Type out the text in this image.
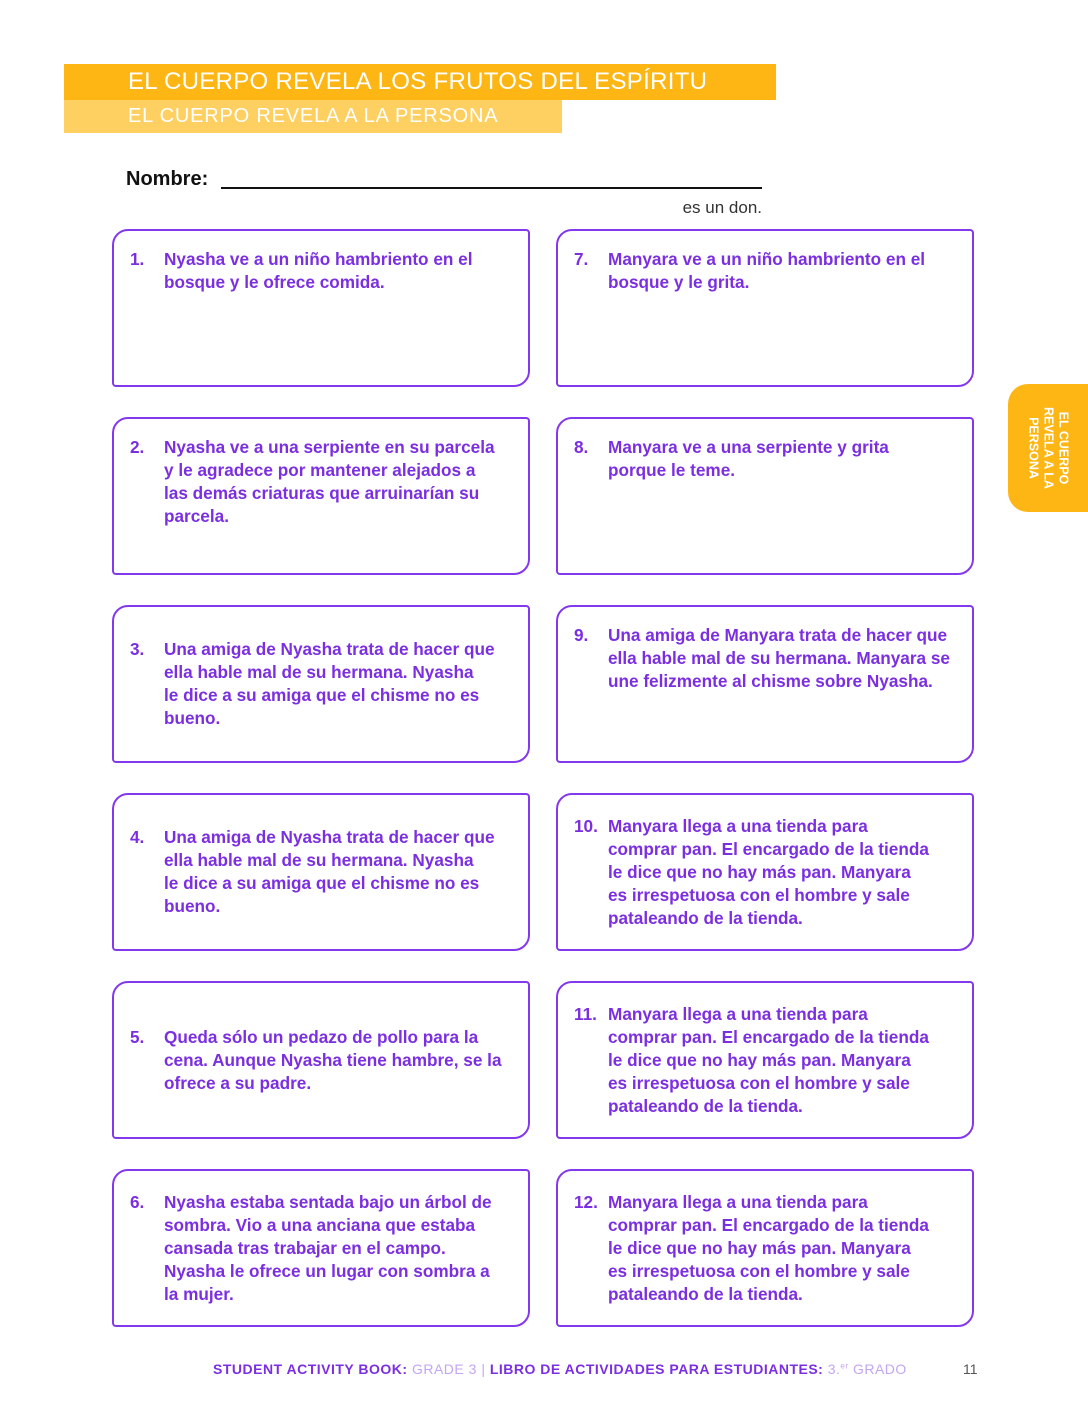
EL CUERPO REVELA LOS FRUTOS DEL ESPÍRITU
EL CUERPO REVELA A LA PERSONA
Nombre:
es un don.
1.	Nyasha ve a un niño hambriento en el
bosque y le ofrece comida.
2.	Nyasha ve a una serpiente en su parcela
y le agradece por mantener alejados a
las demás criaturas que arruinarían su
parcela.
3.	Una amiga de Nyasha trata de hacer que
ella hable mal de su hermana. Nyasha
le dice a su amiga que el chisme no es
bueno.
4.	Una amiga de Nyasha trata de hacer que
ella hable mal de su hermana. Nyasha
le dice a su amiga que el chisme no es
bueno.
5.	Queda sólo un pedazo de pollo para la
cena. Aunque Nyasha tiene hambre, se la
ofrece a su padre.
6.	Nyasha estaba sentada bajo un árbol de
sombra. Vio a una anciana que estaba
cansada tras trabajar en el campo.
Nyasha le ofrece un lugar con sombra a
la mujer.
7.	Manyara ve a un niño hambriento en el
bosque y le grita.
8.	Manyara ve a una serpiente y grita
porque le teme.
9.	Una amiga de Manyara trata de hacer que
ella hable mal de su hermana. Manyara se
une felizmente al chisme sobre Nyasha.
10. Manyara llega a una tienda para
comprar pan. El encargado de la tienda
le dice que no hay más pan. Manyara
es irrespetuosa con el hombre y sale
pataleando de la tienda.
11. Manyara llega a una tienda para
comprar pan. El encargado de la tienda
le dice que no hay más pan. Manyara
es irrespetuosa con el hombre y sale
pataleando de la tienda.
12. Manyara llega a una tienda para
comprar pan. El encargado de la tienda
le dice que no hay más pan. Manyara
es irrespetuosa con el hombre y sale
pataleando de la tienda.
EL CUERPO
REVELA A LA
PERSONA
STUDENT ACTIVITY BOOK: GRADE 3 | LIBRO DE ACTIVIDADES PARA ESTUDIANTES: 3.$^{er}$ GRADO	11
